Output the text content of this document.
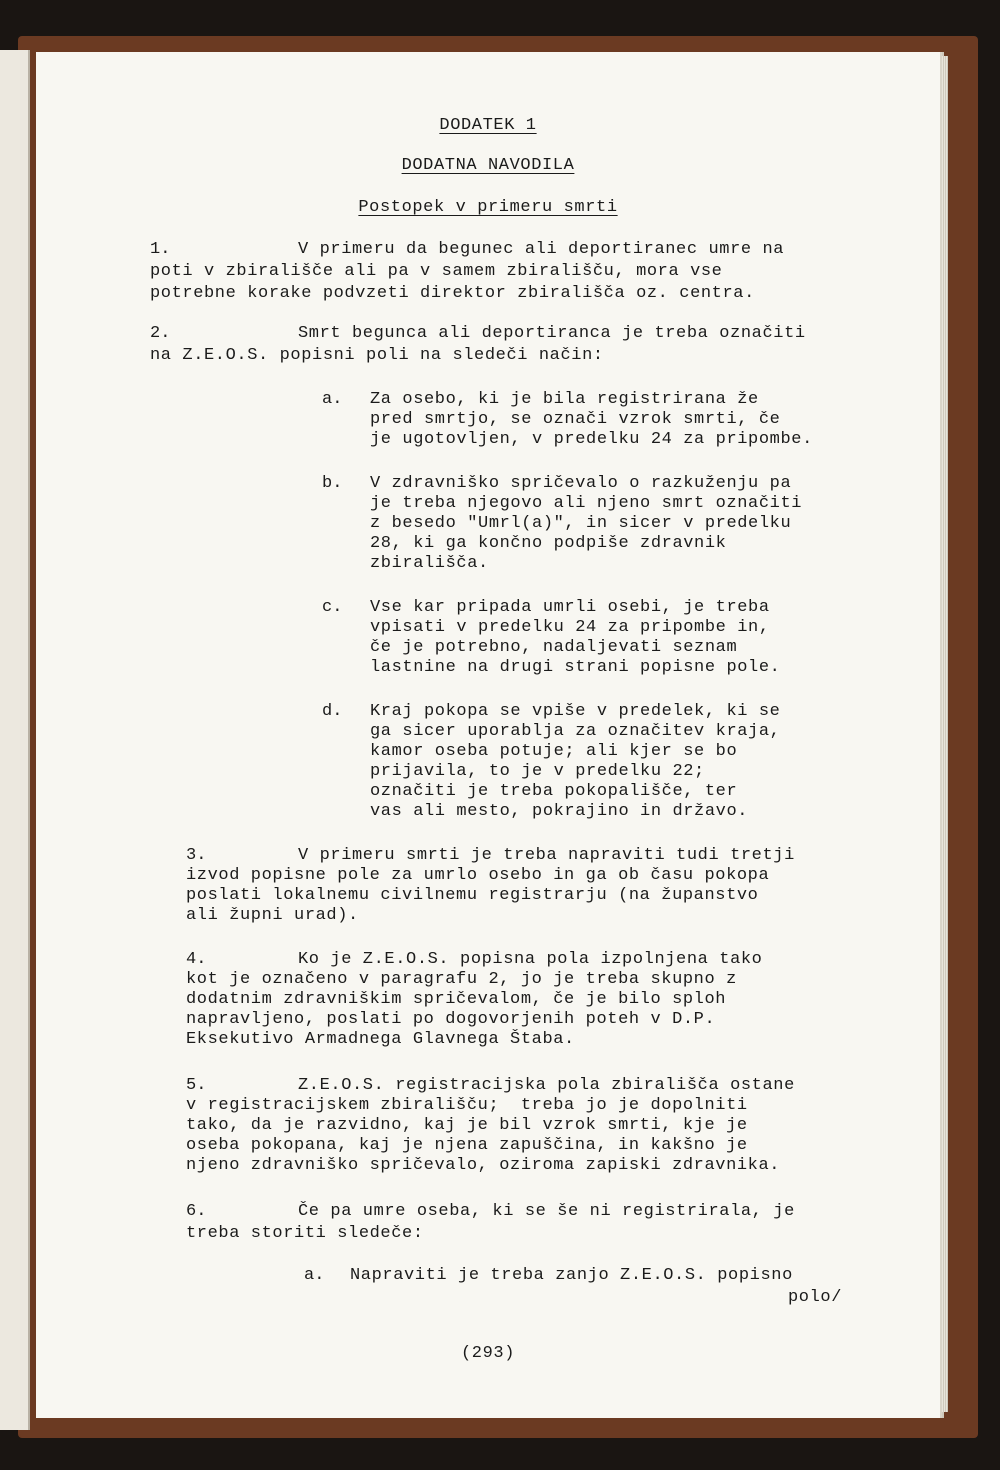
DODATEK 1
DODATNA NAVODILA
Postopek v primeru smrti
1.	V primeru da begunec ali deportiranec umre na
poti v zbirališče ali pa v samem zbirališču, mora vse
potrebne korake podvzeti direktor zbirališča oz. centra.
2.	Smrt begunca ali deportiranca je treba označiti
na Z.E.O.S. popisni poli na sledeči način:
a. Za osebo, ki je bila registrirana že
pred smrtjo, se označi vzrok smrti, če
je ugotovljen, v predelku 24 za pripombe.
b. V zdravniško spričevalo o razkuženju pa
je treba njegovo ali njeno smrt označiti
z besedo "Umrl(a)", in sicer v predelku
28, ki ga končno podpiše zdravnik
zbirališča.
c. Vse kar pripada umrli osebi, je treba
vpisati v predelku 24 za pripombe in,
če je potrebno, nadaljevati seznam
lastnine na drugi strani popisne pole.
d. Kraj pokopa se vpiše v predelek, ki se
ga sicer uporablja za označitev kraja,
kamor oseba potuje; ali kjer se bo
prijavila, to je v predelku 22;
označiti je treba pokopališče, ter
vas ali mesto, pokrajino in državo.
3.	V primeru smrti je treba napraviti tudi tretji
izvod popisne pole za umrlo osebo in ga ob času pokopa
poslati lokalnemu civilnemu registrarju (na županstvo
ali župni urad).
4.	Ko je Z.E.O.S. popisna pola izpolnjena tako
kot je označeno v paragrafu 2, jo je treba skupno z
dodatnim zdravniškim spričevalom, če je bilo sploh
napravljeno, poslati po dogovorjenih poteh v D.P.
Eksekutivo Armadnega Glavnega Štaba.
5.	Z.E.O.S. registracijska pola zbirališča ostane
v registracijskem zbirališču;  treba jo je dopolniti
tako, da je razvidno, kaj je bil vzrok smrti, kje je
oseba pokopana, kaj je njena zapuščina, in kakšno je
njeno zdravniško spričevalo, oziroma zapiski zdravnika.
6.	Če pa umre oseba, ki se še ni registrirala, je
treba storiti sledeče:
a. Napraviti je treba zanjo Z.E.O.S. popisno
polo/
(293)
